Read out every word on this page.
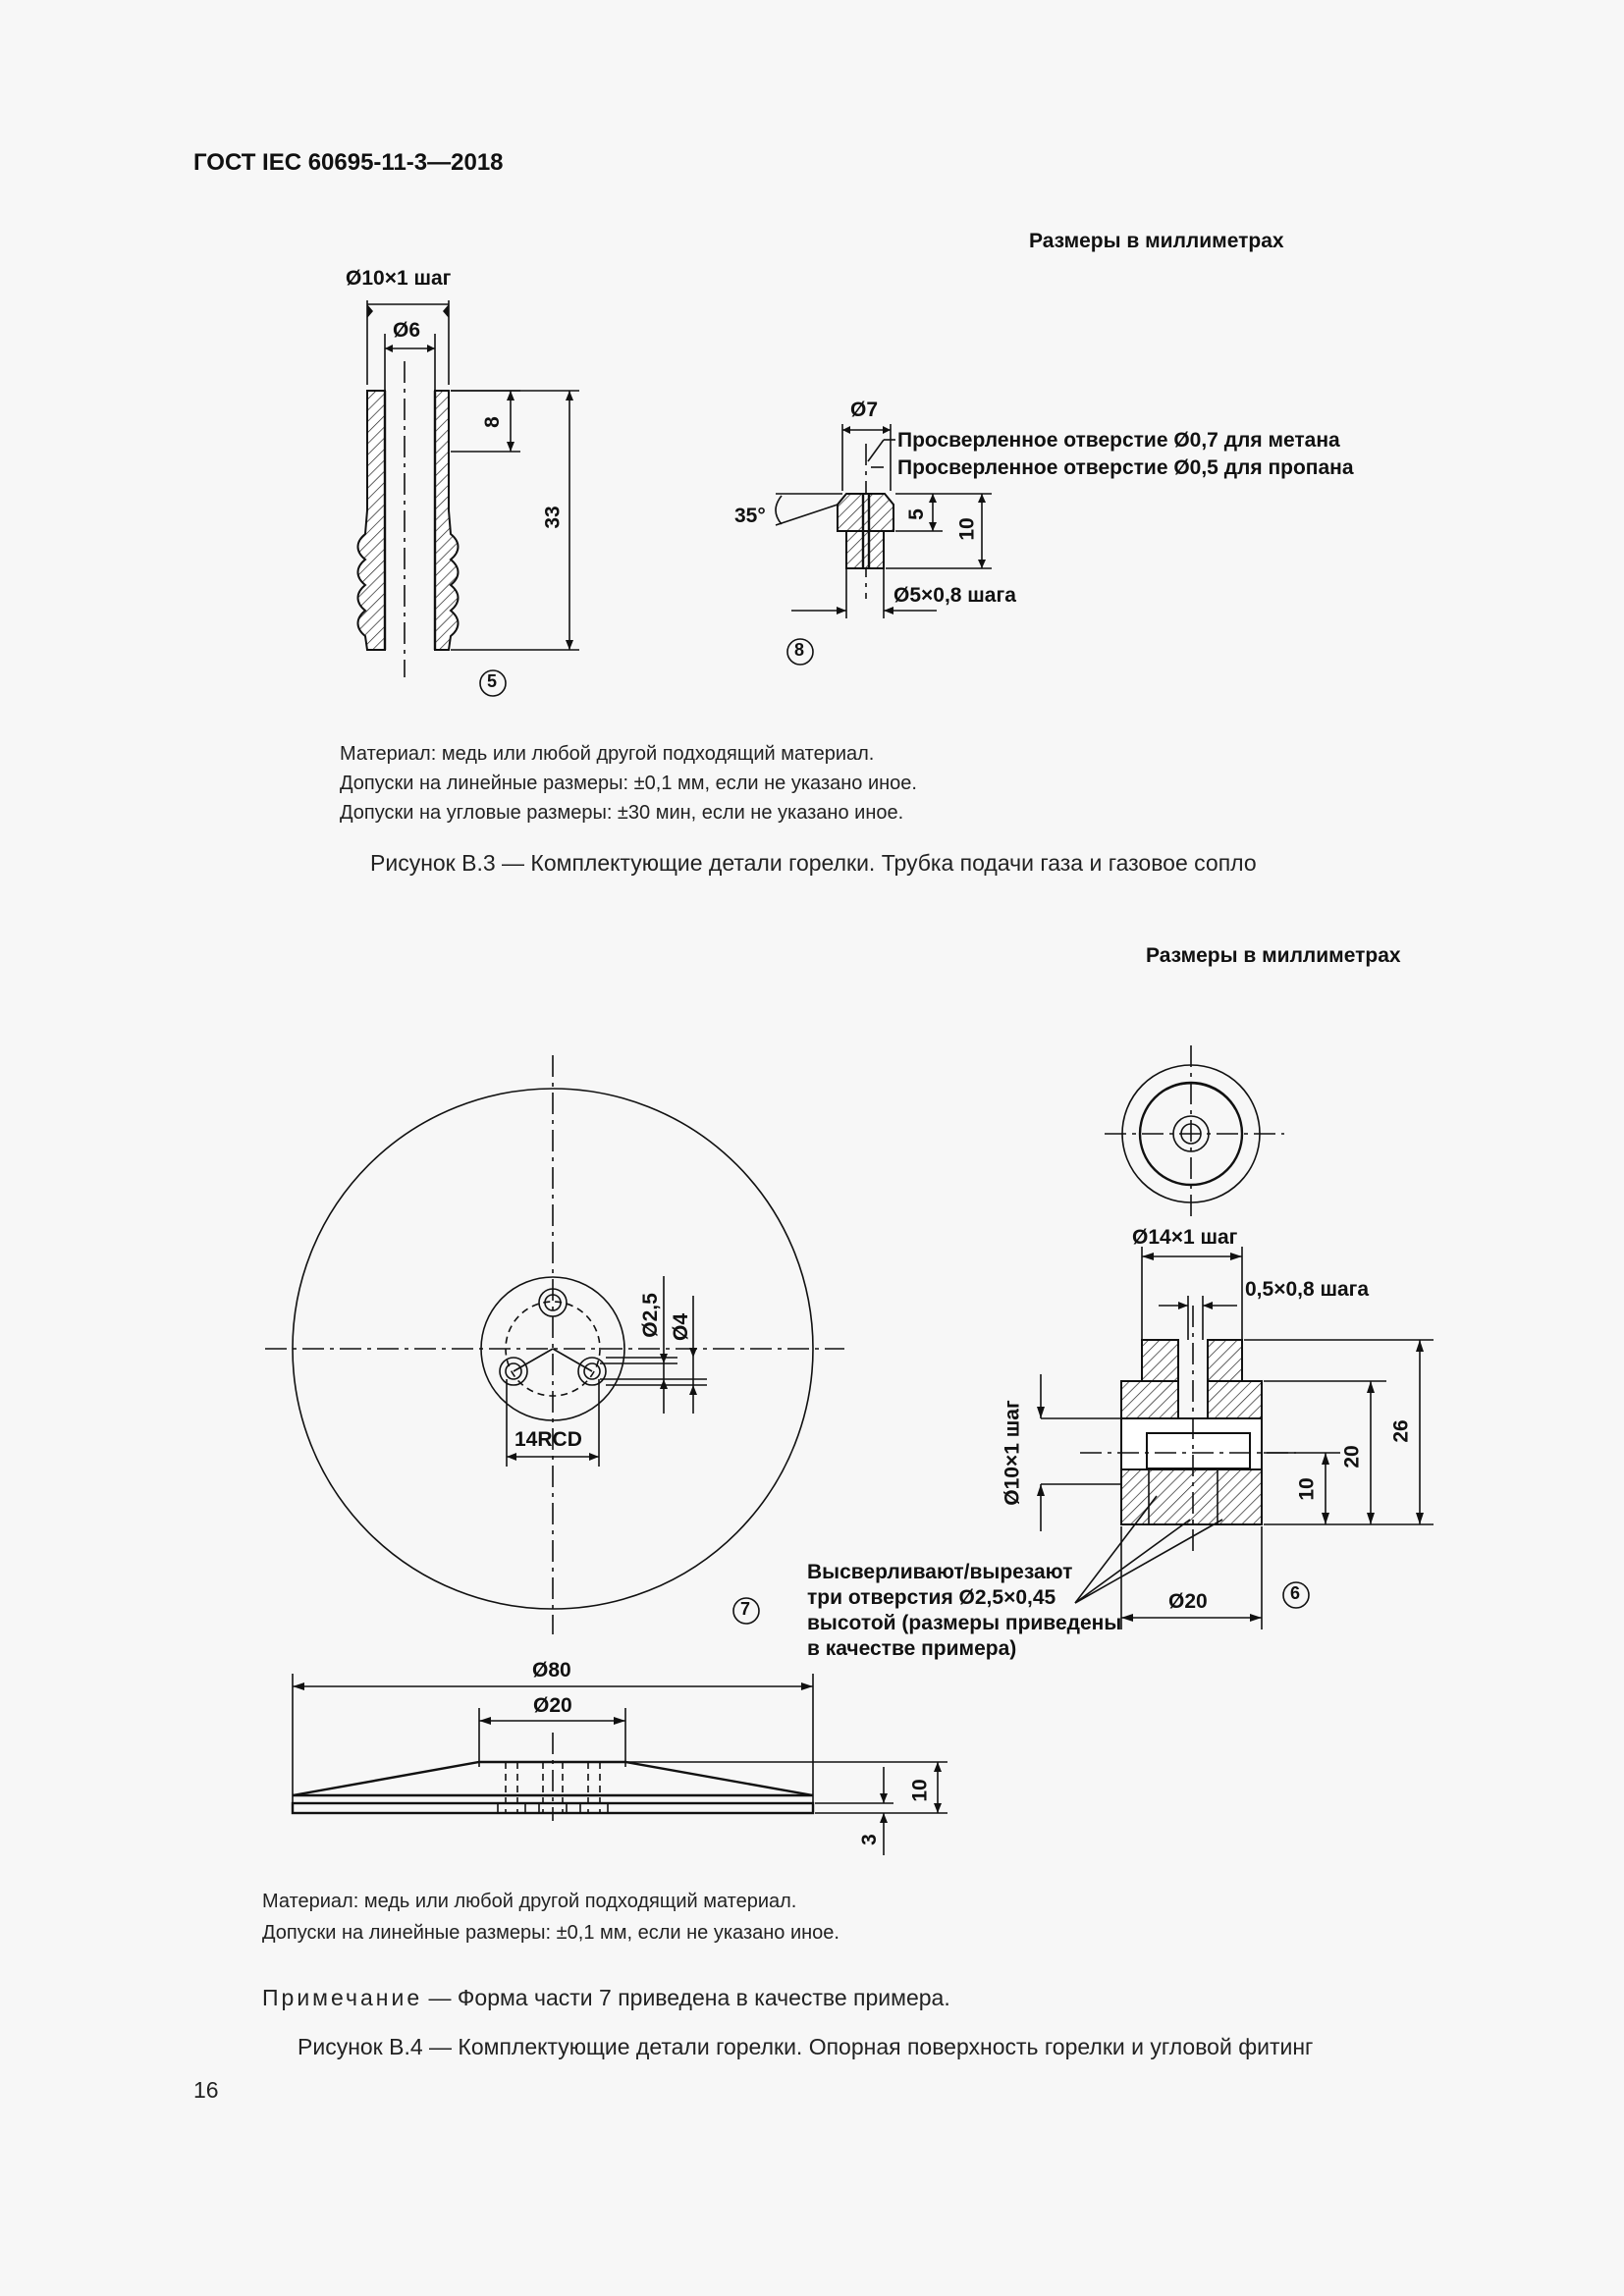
ГОСТ IEC 60695-11-3—2018
Размеры в миллиметрах
Ø10×1 шаг
Ø6
8
33
5
Ø7
Просверленное отверстие Ø0,7 для метана
Просверленное отверстие Ø0,5 для пропана
35°	5
10
Ø5×0,8 шага
8
Материал: медь или любой другой подходящий материал.
Допуски на линейные размеры: ±0,1 мм, если не указано иное.
Допуски на угловые размеры: ±30 мин, если не указано иное.
Рисунок В.3 — Комплектующие детали горелки. Трубка подачи газа и газовое сопло
Размеры в миллиметрах
Ø2,5 Ø4
14RCD
7
Ø80
Ø20
10
3
Ø14×1 шаг
0,5×0,8 шага
Ø10×1 шаг	26
20
10
Ø20	6
Высверливают/вырезают
три отверстия Ø2,5×0,45
высотой (размеры приведены
в качестве примера)
Материал: медь или любой другой подходящий материал.
Допуски на линейные размеры: ±0,1 мм, если не указано иное.
Примечание — Форма части 7 приведена в качестве примера.
Рисунок В.4 — Комплектующие детали горелки. Опорная поверхность горелки и угловой фитинг
16
